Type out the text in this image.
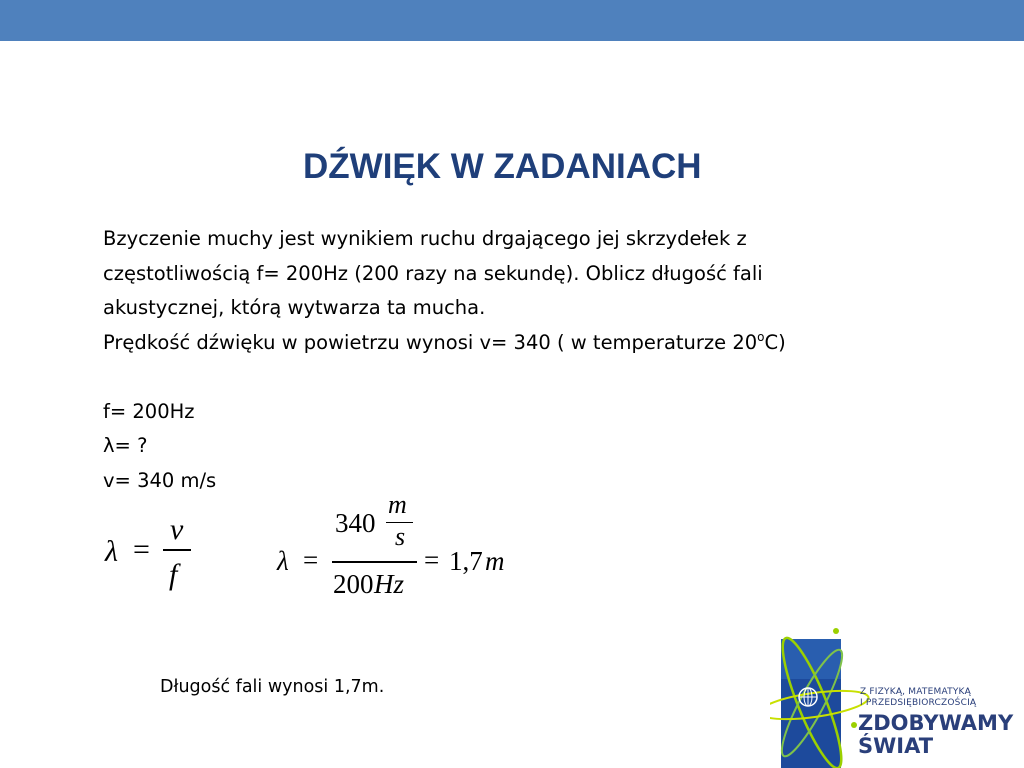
DŹWIĘK W ZADANIACH

Bzyczenie muchy jest wynikiem ruchu drgającego jej skrzydełek z

częstotliwością f= 200Hz (200 razy na sekundę). Oblicz długość fali

akustycznej, którą wytwarza ta mucha.

Prędkość dźwięku w powietrzu wynosi v= 340 ( w temperaturze 20$^o$C)

f= 200Hz

λ= ?

v= 340 m/s

λ =
v
f	λ =
340
m
s
200 Hz
= 1,7 m
Długość fali wynosi 1,7m.	Z FIZYKĄ, MATEMATYKĄ
I PRZEDSIĘBIORCZOŚCIĄ
ZDOBYWAMY
ŚWIAT
